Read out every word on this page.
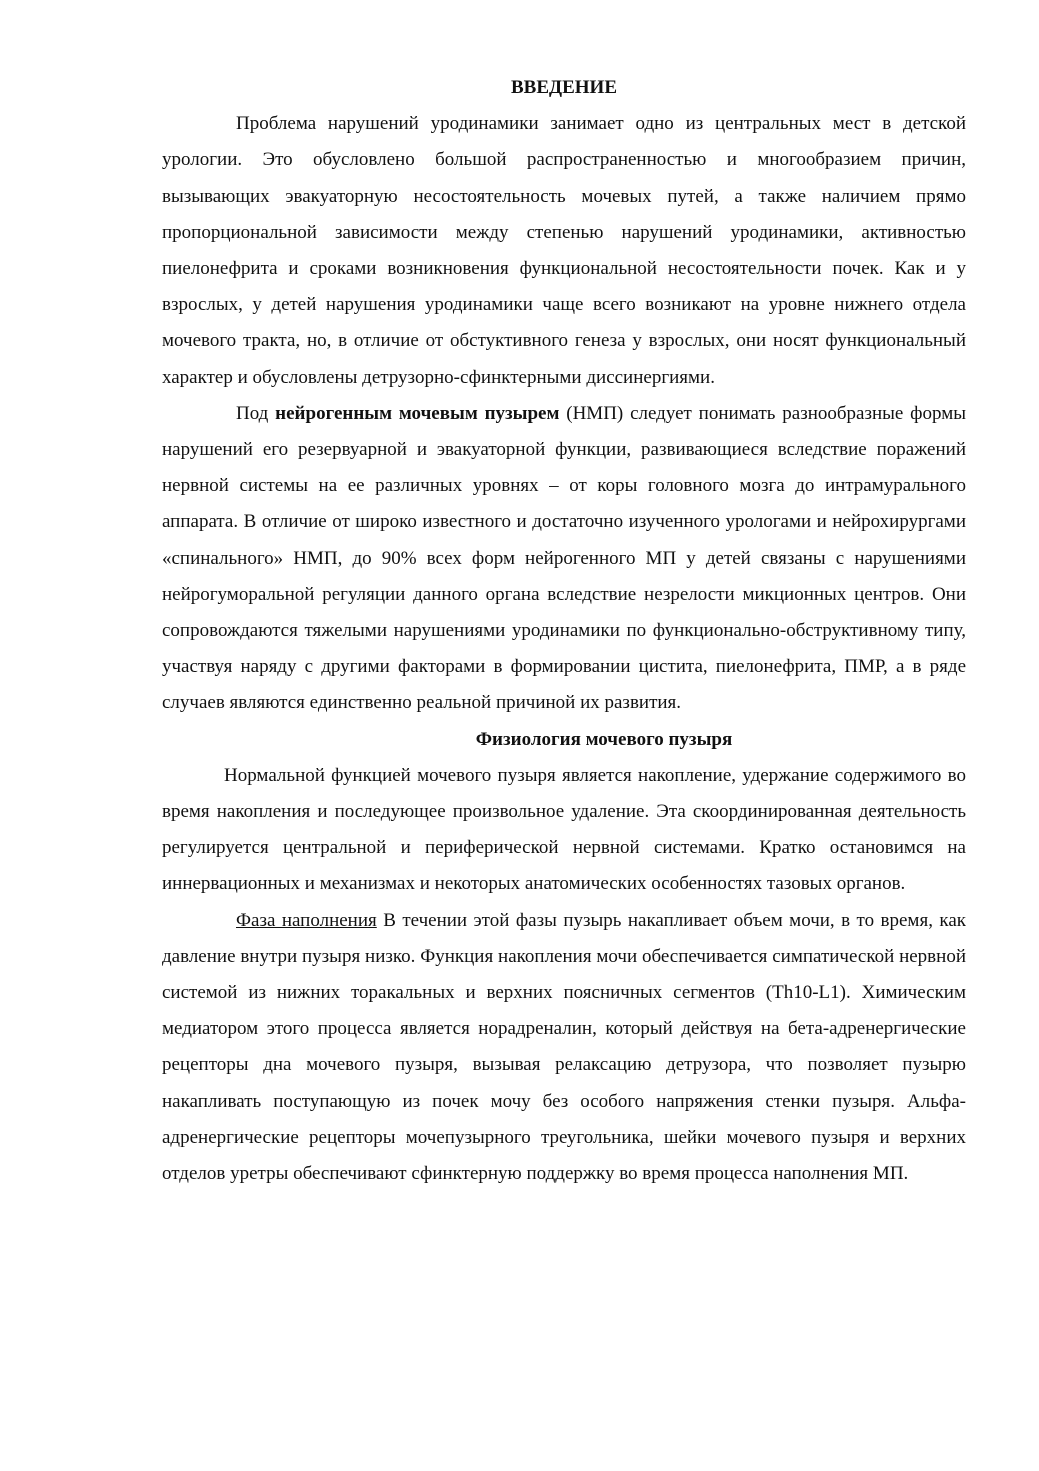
ВВЕДЕНИЕ

Проблема нарушений уродинамики занимает одно из центральных мест в детской урологии. Это обусловлено большой распространенностью и многообразием причин, вызывающих эвакуаторную несостоятельность мочевых путей, а также наличием прямо пропорциональной зависимости между степенью нарушений уродинамики, активностью пиелонефрита и сроками возникновения функциональной несостоятельности почек. Как и у взрослых, у детей нарушения уродинамики чаще всего возникают на уровне нижнего отдела мочевого тракта, но, в отличие от обстуктивного генеза у взрослых, они носят функциональный характер и обусловлены детрузорно-сфинктерными диссинергиями.

Под нейрогенным мочевым пузырем (НМП) следует понимать разнообразные формы нарушений его резервуарной и эвакуаторной функции, развивающиеся вследствие поражений нервной системы на ее различных уровнях – от коры головного мозга до интрамурального аппарата. В отличие от широко известного и достаточно изученного урологами и нейрохирургами «спинального» НМП, до 90% всех форм нейрогенного МП у детей связаны с нарушениями нейрогуморальной регуляции данного органа вследствие незрелости микционных центров. Они сопровождаются тяжелыми нарушениями уродинамики по функционально-обструктивному типу, участвуя наряду с другими факторами в формировании цистита, пиелонефрита, ПМР, а в ряде случаев являются единственно реальной причиной их развития.

Физиология мочевого пузыря

Нормальной функцией мочевого пузыря является накопление, удержание содержимого во время накопления и последующее произвольное удаление. Эта скоординированная деятельность регулируется центральной и периферической нервной системами. Кратко остановимся на иннервационных и механизмах и некоторых анатомических особенностях тазовых органов.

Фаза наполнения В течении этой фазы пузырь накапливает объем мочи, в то время, как давление внутри пузыря низко. Функция накопления мочи обеспечивается симпатической нервной системой из нижних торакальных и верхних поясничных сегментов (Th10-L1). Химическим медиатором этого процесса является норадреналин, который действуя на бета-адренергические рецепторы дна мочевого пузыря, вызывая релаксацию детрузора, что позволяет пузырю накапливать поступающую из почек мочу без особого напряжения стенки пузыря. Альфа-адренергические рецепторы мочепузырного треугольника, шейки мочевого пузыря и верхних отделов уретры обеспечивают сфинктерную поддержку во время процесса наполнения МП.
